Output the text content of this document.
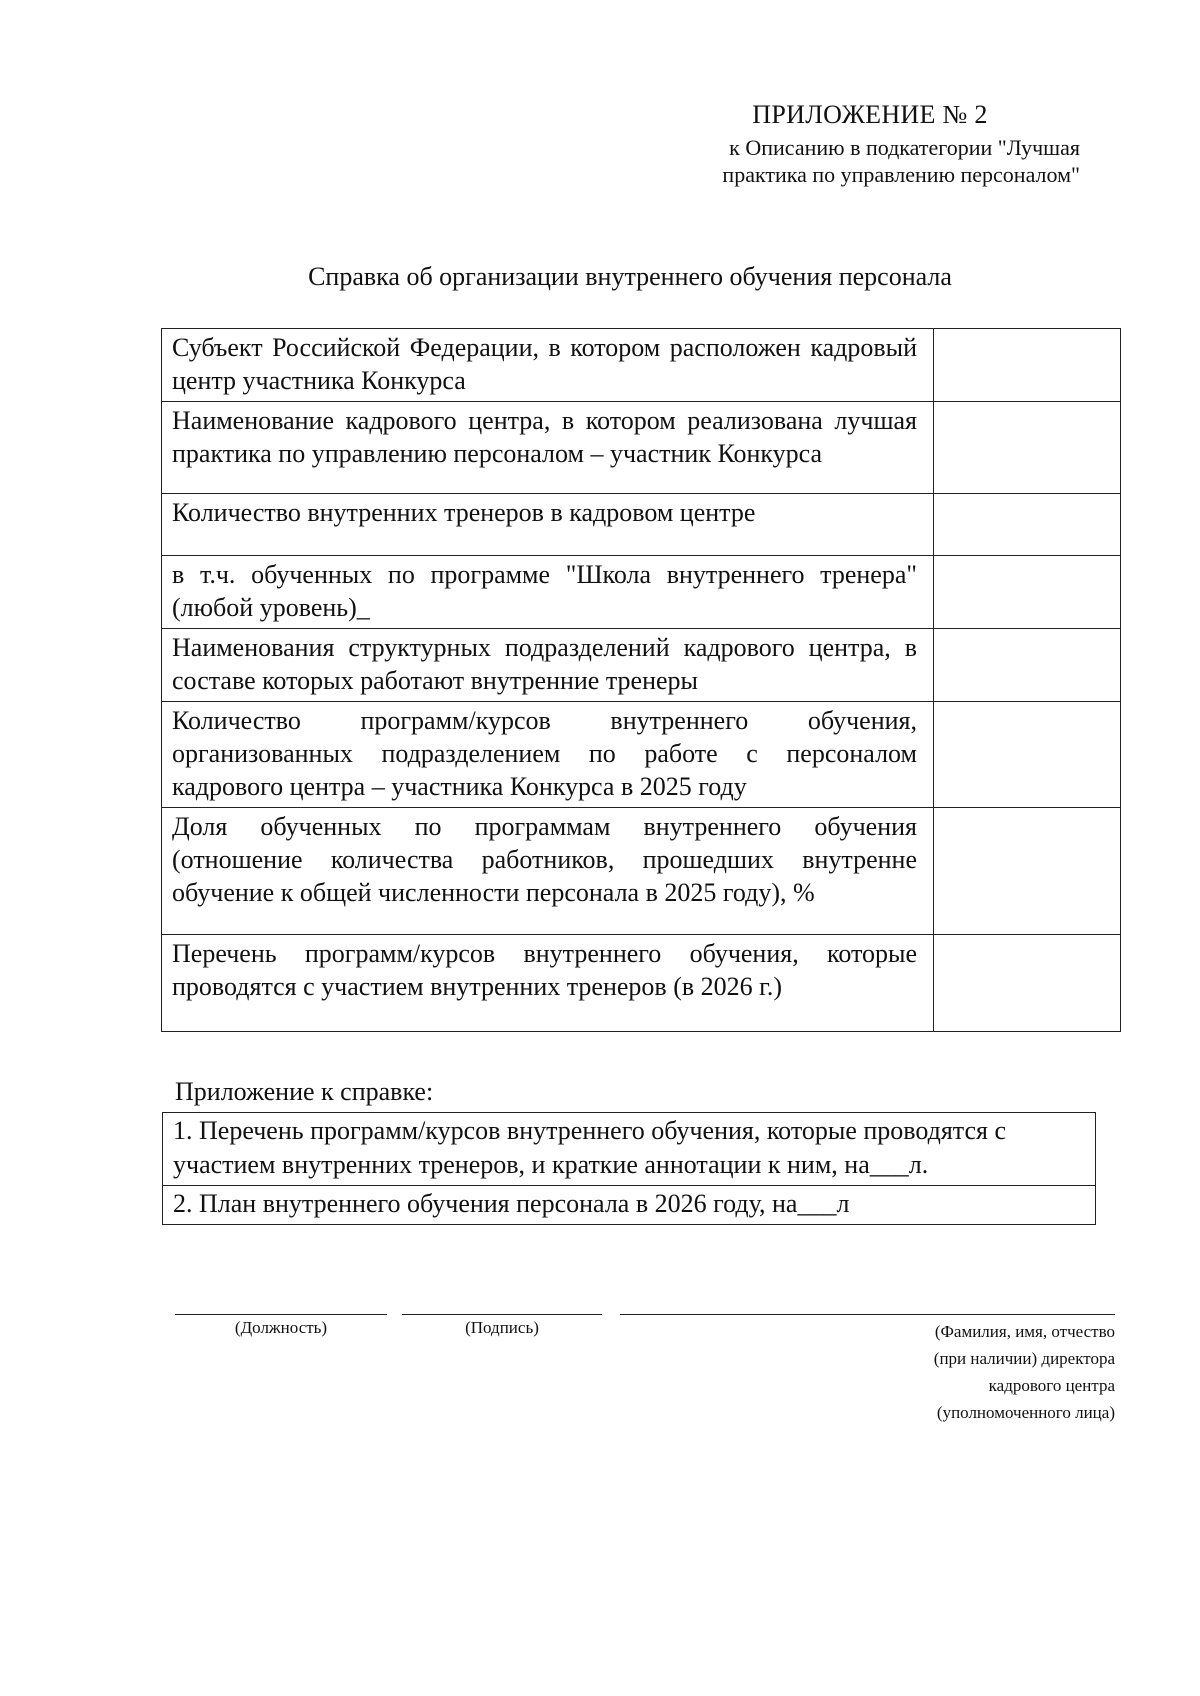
ПРИЛОЖЕНИЕ № 2
к Описанию в подкатегории "Лучшая
практика по управлению персоналом"
Справка об организации внутреннего обучения персонала
Субъект Российской Федерации, в котором расположен кадровый центр участника Конкурса	
Наименование кадрового центра, в котором реализована лучшая практика по управлению персоналом – участник Конкурса	
Количество внутренних тренеров в кадровом центре	
в т.ч. обученных по программе "Школа внутреннего тренера" (любой уровень)_	
Наименования структурных подразделений кадрового центра, в составе которых работают внутренние тренеры	
Количество программ/курсов внутреннего обучения, организованных подразделением по работе с персоналом кадрового центра – участника Конкурса в 2025 году	
Доля обученных по программам внутреннего обучения (отношение количества работников, прошедших внутренне обучение к общей численности персонала в 2025 году), %	
Перечень программ/курсов внутреннего обучения, которые проводятся с участием внутренних тренеров (в 2026 г.)	
Приложение к справке:
1. Перечень программ/курсов внутреннего обучения, которые проводятся с участием внутренних тренеров, и краткие аннотации к ним, на___л.
2. План внутреннего обучения персонала в 2026 году, на___л
(Должность)	(Подпись)	(Фамилия, имя, отчество
(при наличии) директора
кадрового центра
(уполномоченного лица)
